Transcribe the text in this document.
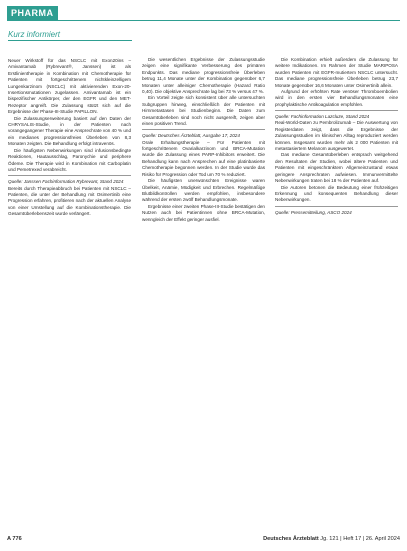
PHARMA
Kurz informiert

Neuer Wirkstoff für das NSCLC mit Exon20ins – Amivantamab (Rybrevant®, Janssen) ist als Erstlinientherapie in Kombination mit Chemotherapie für Patienten mit fortgeschrittenem nichtkleinzelligem Lungenkarzinom (NSCLC) mit aktivierenden Exon-20-Insertionsmutationen zugelassen. Amivantamab ist ein bispezifischer Antikörper, der den EGFR und den MET-Rezeptor angreift. Die Zulassung stützt sich auf die Ergebnisse der Phase-III-Studie PAPILLON.

Die Zulassungserweiterung basiert auf den Daten der CHRYSALIS-Studie, in der Patienten nach vorangegangener Therapie eine Ansprechrate von 40 % und ein medianes progressionsfreies Überleben von 8,3 Monaten zeigten. Die Behandlung erfolgt intravenös.

Die häufigsten Nebenwirkungen sind infusionsbedingte Reaktionen, Hautausschlag, Paronychie und periphere Ödeme. Die Therapie wird in Kombination mit Carboplatin und Pemetrexed verabreicht.

Quelle: Janssen Fachinformation Rybrevant, Stand 2024

Bereits durch Therapieabbruch bei Patienten mit NSCLC – Patienten, die unter der Behandlung mit Osimertinib eine Progression erfahren, profitieren nach der aktuellen Analyse von einer Umstellung auf die Kombinationstherapie. Die Gesamtüberlebenszeit wurde verlängert.

Die wesentlichen Ergebnisse der Zulassungsstudie zeigen eine signifikante Verbesserung des primären Endpunkts. Das mediane progressionsfreie Überleben betrug 11,4 Monate unter der Kombination gegenüber 6,7 Monaten unter alleiniger Chemotherapie (Hazard Ratio 0,40). Die objektive Ansprechrate lag bei 73 % versus 47 %.

Ein Vorteil zeigte sich konsistent über alle untersuchten Subgruppen hinweg, einschließlich der Patienten mit Hirnmetastasen bei Studienbeginn. Die Daten zum Gesamtüberleben sind noch nicht ausgereift, zeigen aber einen positiven Trend.

Quelle: Deutsches Ärzteblatt, Ausgabe 17, 2024

Orale Erhaltungstherapie – Für Patienten mit fortgeschrittenem Ovarialkarzinom und BRCA-Mutation wurde die Zulassung eines PARP-Inhibitors erweitert. Die Behandlung kann nach Ansprechen auf eine platinbasierte Chemotherapie begonnen werden. In der Studie wurde das Risiko für Progression oder Tod um 70 % reduziert.

Die häufigsten unerwünschten Ereignisse waren Übelkeit, Anämie, Müdigkeit und Erbrechen. Regelmäßige Blutbildkontrollen werden empfohlen, insbesondere während der ersten zwölf Behandlungsmonate.

Ergebnisse einer zweiten Phase-III-Studie bestätigen den Nutzen auch bei Patientinnen ohne BRCA-Mutation, wenngleich der Effekt geringer ausfiel.

Die Kombination erhielt außerdem die Zulassung für weitere Indikationen. Im Rahmen der Studie MARIPOSA wurden Patienten mit EGFR-mutiertem NSCLC untersucht. Das mediane progressionsfreie Überleben betrug 23,7 Monate gegenüber 16,6 Monaten unter Osimertinib allein.

Aufgrund der erhöhten Rate venöser Thromboembolien wird in den ersten vier Behandlungsmonaten eine prophylaktische Antikoagulation empfohlen.

Quelle: Fachinformation Lazcluze, Stand 2024

Real-World-Daten zu Pembrolizumab – Die Auswertung von Registerdaten zeigt, dass die Ergebnisse der Zulassungsstudien im klinischen Alltag reproduziert werden können. Insgesamt wurden mehr als 2 000 Patienten mit metastasiertem Melanom ausgewertet.

Das mediane Gesamtüberleben entsprach weitgehend den Resultaten der Studien, wobei ältere Patienten und Patienten mit eingeschränktem Allgemeinzustand etwas geringere Ansprechraten aufwiesen. Immunvermittelte Nebenwirkungen traten bei 18 % der Patienten auf.

Die Autoren betonen die Bedeutung einer frühzeitigen Erkennung und konsequenten Behandlung dieser Nebenwirkungen.

Quelle: Pressemitteilung, ASCO 2024

A 776	Deutsches Ärzteblatt Jg. 121 | Heft 17 | 26. April 2024
